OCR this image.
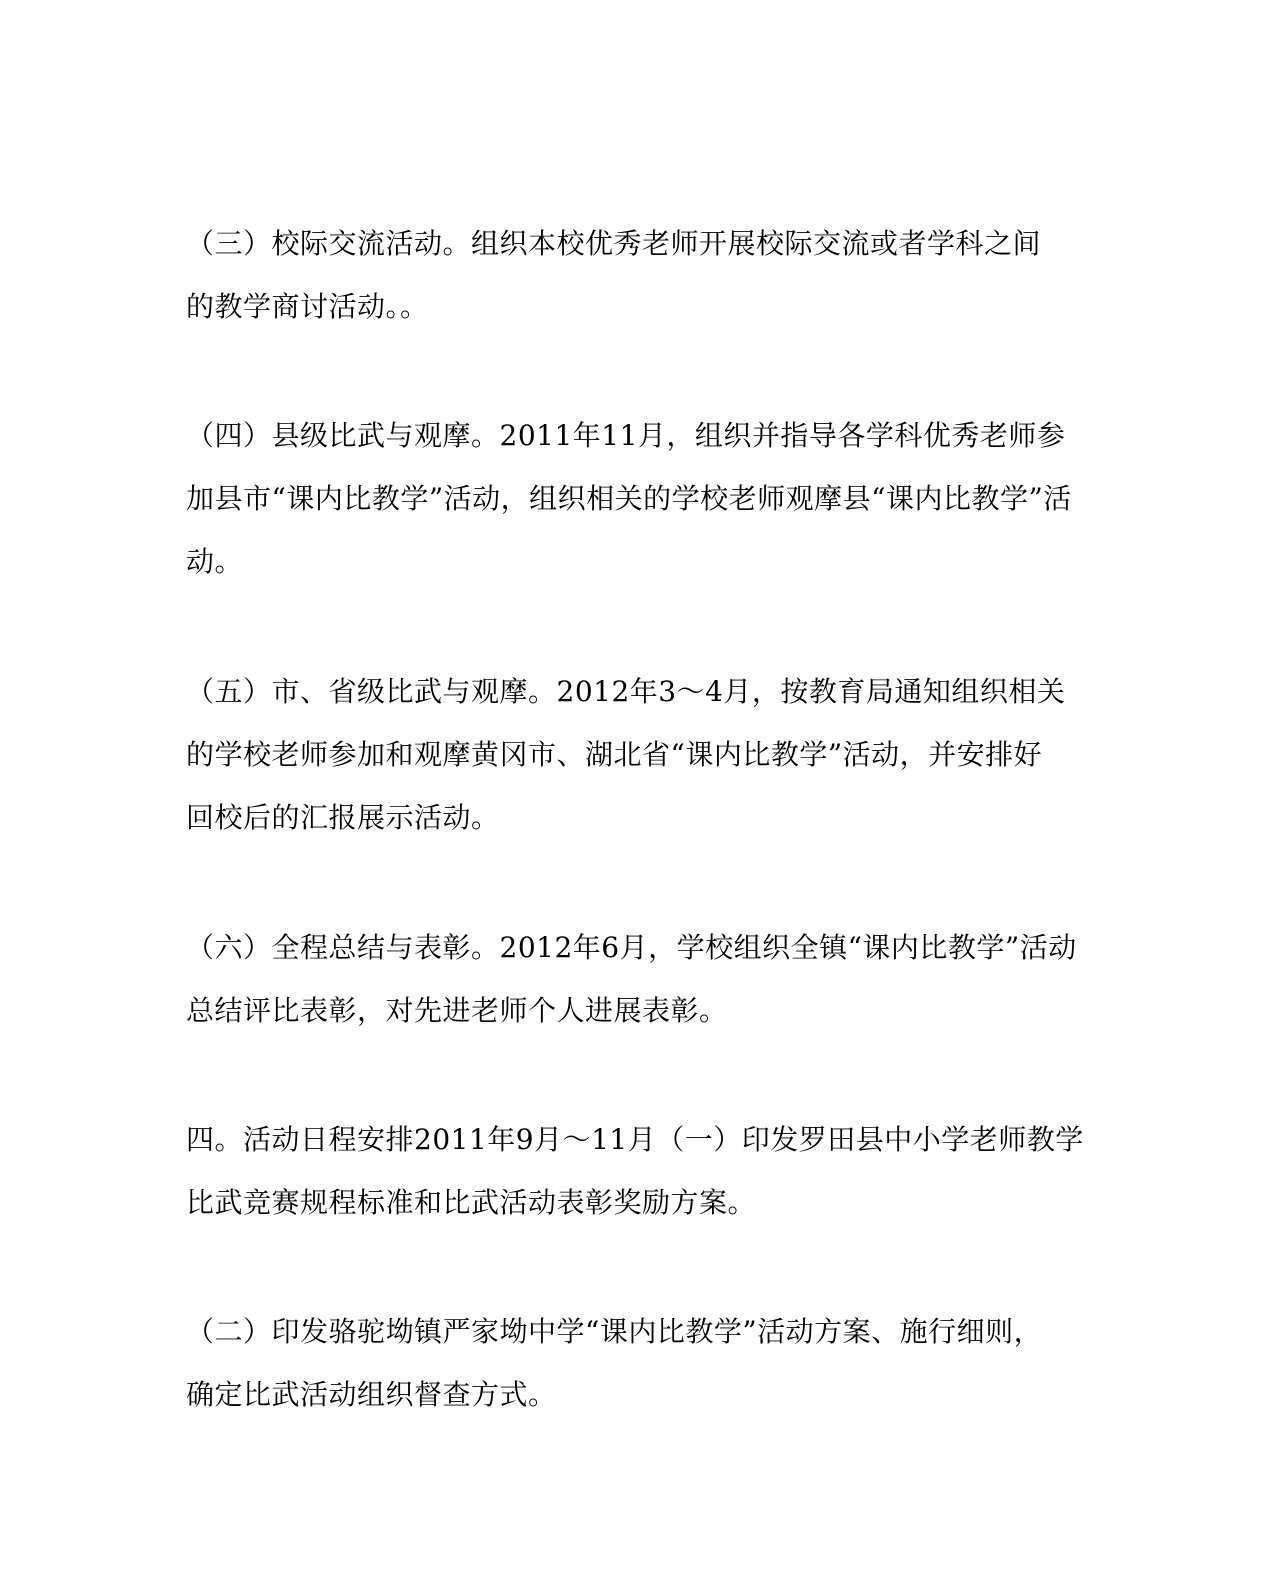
（三）校际交流活动。组织本校优秀老师开展校际交流或者学科之间
的教学商讨活动。。
（四）县级比武与观摩。2011年11月，组织并指导各学科优秀老师参
加县市“课内比教学”活动，组织相关的学校老师观摩县“课内比教学”活
动。
（五）市、省级比武与观摩。2012年3～4月，按教育局通知组织相关
的学校老师参加和观摩黄冈市、湖北省“课内比教学”活动，并安排好
回校后的汇报展示活动。
（六）全程总结与表彰。2012年6月，学校组织全镇“课内比教学”活动
总结评比表彰，对先进老师个人进展表彰。
四。活动日程安排2011年9月～11月（一）印发罗田县中小学老师教学
比武竞赛规程标准和比武活动表彰奖励方案。
（二）印发骆驼坳镇严家坳中学“课内比教学”活动方案、施行细则，
确定比武活动组织督查方式。
